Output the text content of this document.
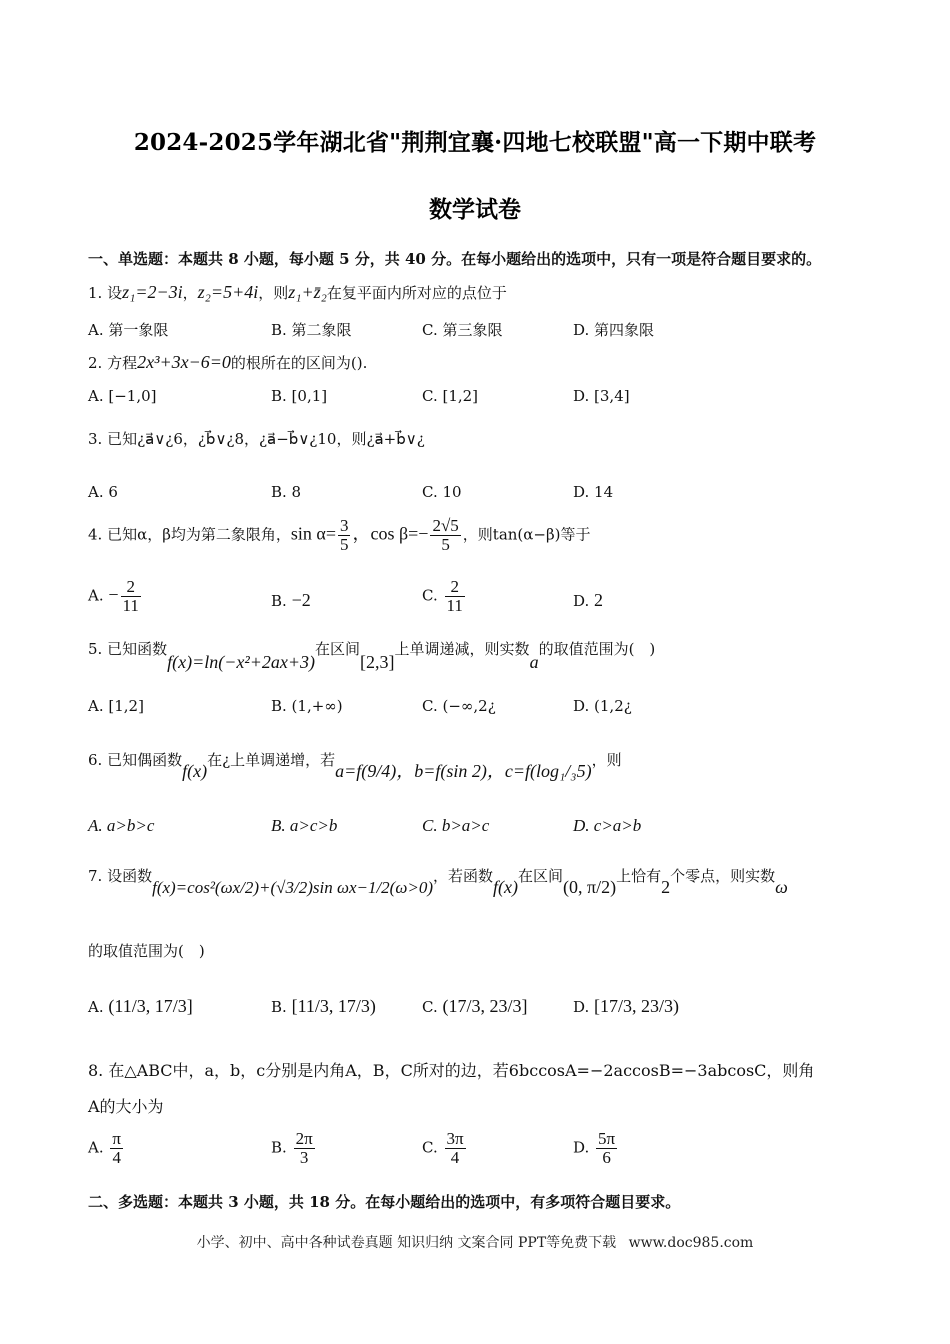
2024-2025学年湖北省"荆荆宜襄·四地七校联盟"高一下期中联考
数学试卷
一、单选题：本题共 8 小题，每小题 5 分，共 40 分。在每小题给出的选项中，只有一项是符合题目要求的。
1. 设z₁=2−3i，z₂=5+4i，则z₁+z̄₂在复平面内所对应的点位于
A. 第一象限	B. 第二象限	C. 第三象限	D. 第四象限
2. 方程2x³+3x−6=0的根所在的区间为().
A. [−1,0]	B. [0,1]	C. [1,2]	D. [3,4]
3. 已知¿a⃗∨¿6，¿b⃗∨¿8，¿a⃗−b⃗∨¿10，则¿a⃗+b⃗∨¿
A. 6	B. 8	C. 10	D. 14
4. 已知α，β均为第二象限角，$\sin \alpha= \frac{3}{5}$ ，$\cos \beta=- \frac{2√5}{5}$ ，则tan(α−β)等于
A. − $\frac{2}{11}$	B. −2	C. $\frac{2}{11}$	D. 2
5. 已知函数f(x)=ln(−x²+2ax+3)在区间[2,3]上单调递减，则实数a的取值范围为(　)
A. [1,2]	B. (1,+∞)	C. (−∞,2¿	D. (1,2¿
6. 已知偶函数f(x)在¿上单调递增，若a=f(9/4)，b=f(sin 2)，c=f(log₁/₃5)，则
A. a>b>c	B. a>c>b	C. b>a>c	D. c>a>b
7. 设函数f(x)=cos²(ωx/2)+(√3/2)sin ωx−1/2(ω>0)，若函数f(x)在区间(0, π/2)上恰有2个零点，则实数ω
的取值范围为(　)
A. (11/3, 17/3]	B. [11/3, 17/3)	C. (17/3, 23/3]	D. [17/3, 23/3)
8. 在△ABC中，a，b，c分别是内角A，B，C所对的边，若6bccosA=−2accosB=−3abcosC，则角
A的大小为
A. $\frac{\pi}{4}$	B. $\frac{2\pi}{3}$	C. $\frac{3\pi}{4}$	D. $\frac{5\pi}{6}$
二、多选题：本题共 3 小题，共 18 分。在每小题给出的选项中，有多项符合题目要求。
小学、初中、高中各种试卷真题 知识归纳 文案合同 PPT等免费下载 www.doc985.com
